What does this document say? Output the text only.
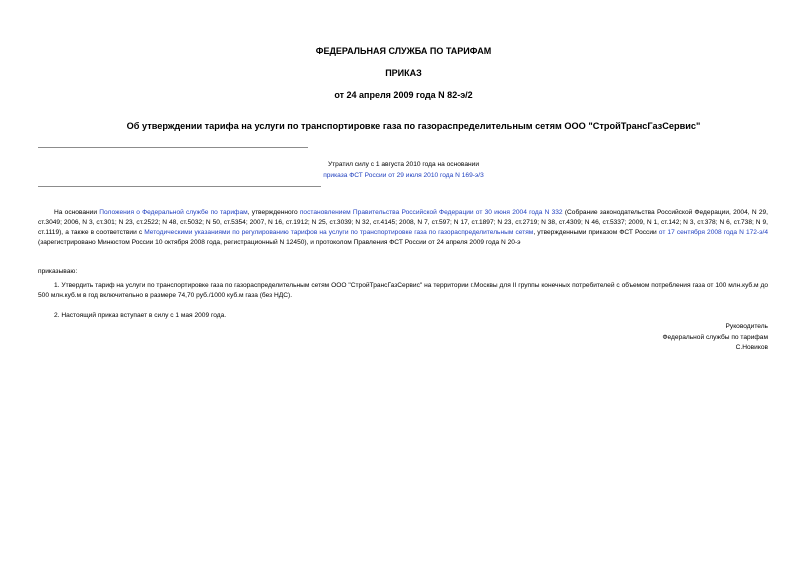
ФЕДЕРАЛЬНАЯ СЛУЖБА ПО ТАРИФАМ
ПРИКАЗ
от 24 апреля 2009 года N 82-э/2
Об утверждении тарифа на услуги по транспортировке газа по газораспределительным сетям ООО "СтройТрансГазСервис"
Утратил силу с 1 августа 2010 года на основании
приказа ФСТ России от 29 июля 2010 года N 169-э/3
На основании Положения о Федеральной службе по тарифам, утвержденного постановлением Правительства Российской Федерации от 30 июня 2004 года N 332 (Собрание законодательства Российской Федерации, 2004, N 29, ст.3049; 2006, N 3, ст.301; N 23, ст.2522; N 48, ст.5032; N 50, ст.5354; 2007, N 16, ст.1912; N 25, ст.3039; N 32, ст.4145; 2008, N 7, ст.597; N 17, ст.1897; N 23, ст.2719; N 38, ст.4309; N 46, ст.5337; 2009, N 1, ст.142; N 3, ст.378; N 6, ст.738; N 9, ст.1119), а также в соответствии с Методическими указаниями по регулированию тарифов на услуги по транспортировке газа по газораспределительным сетям, утвержденными приказом ФСТ России от 17 сентября 2008 года N 172-э/4 (зарегистрировано Минюстом России 10 октября 2008 года, регистрационный N 12450), и протоколом Правления ФСТ России от 24 апреля 2009 года N 20-э
приказываю:
1. Утвердить тариф на услуги по транспортировке газа по газораспределительным сетям ООО "СтройТрансГазСервис" на территории г.Москвы для II группы конечных потребителей с объемом потребления газа от 100 млн.куб.м до 500 млн.куб.м в год включительно в размере 74,70 руб./1000 куб.м газа (без НДС).
2. Настоящий приказ вступает в силу с 1 мая 2009 года.
Руководитель
Федеральной службы по тарифам
С.Новиков
